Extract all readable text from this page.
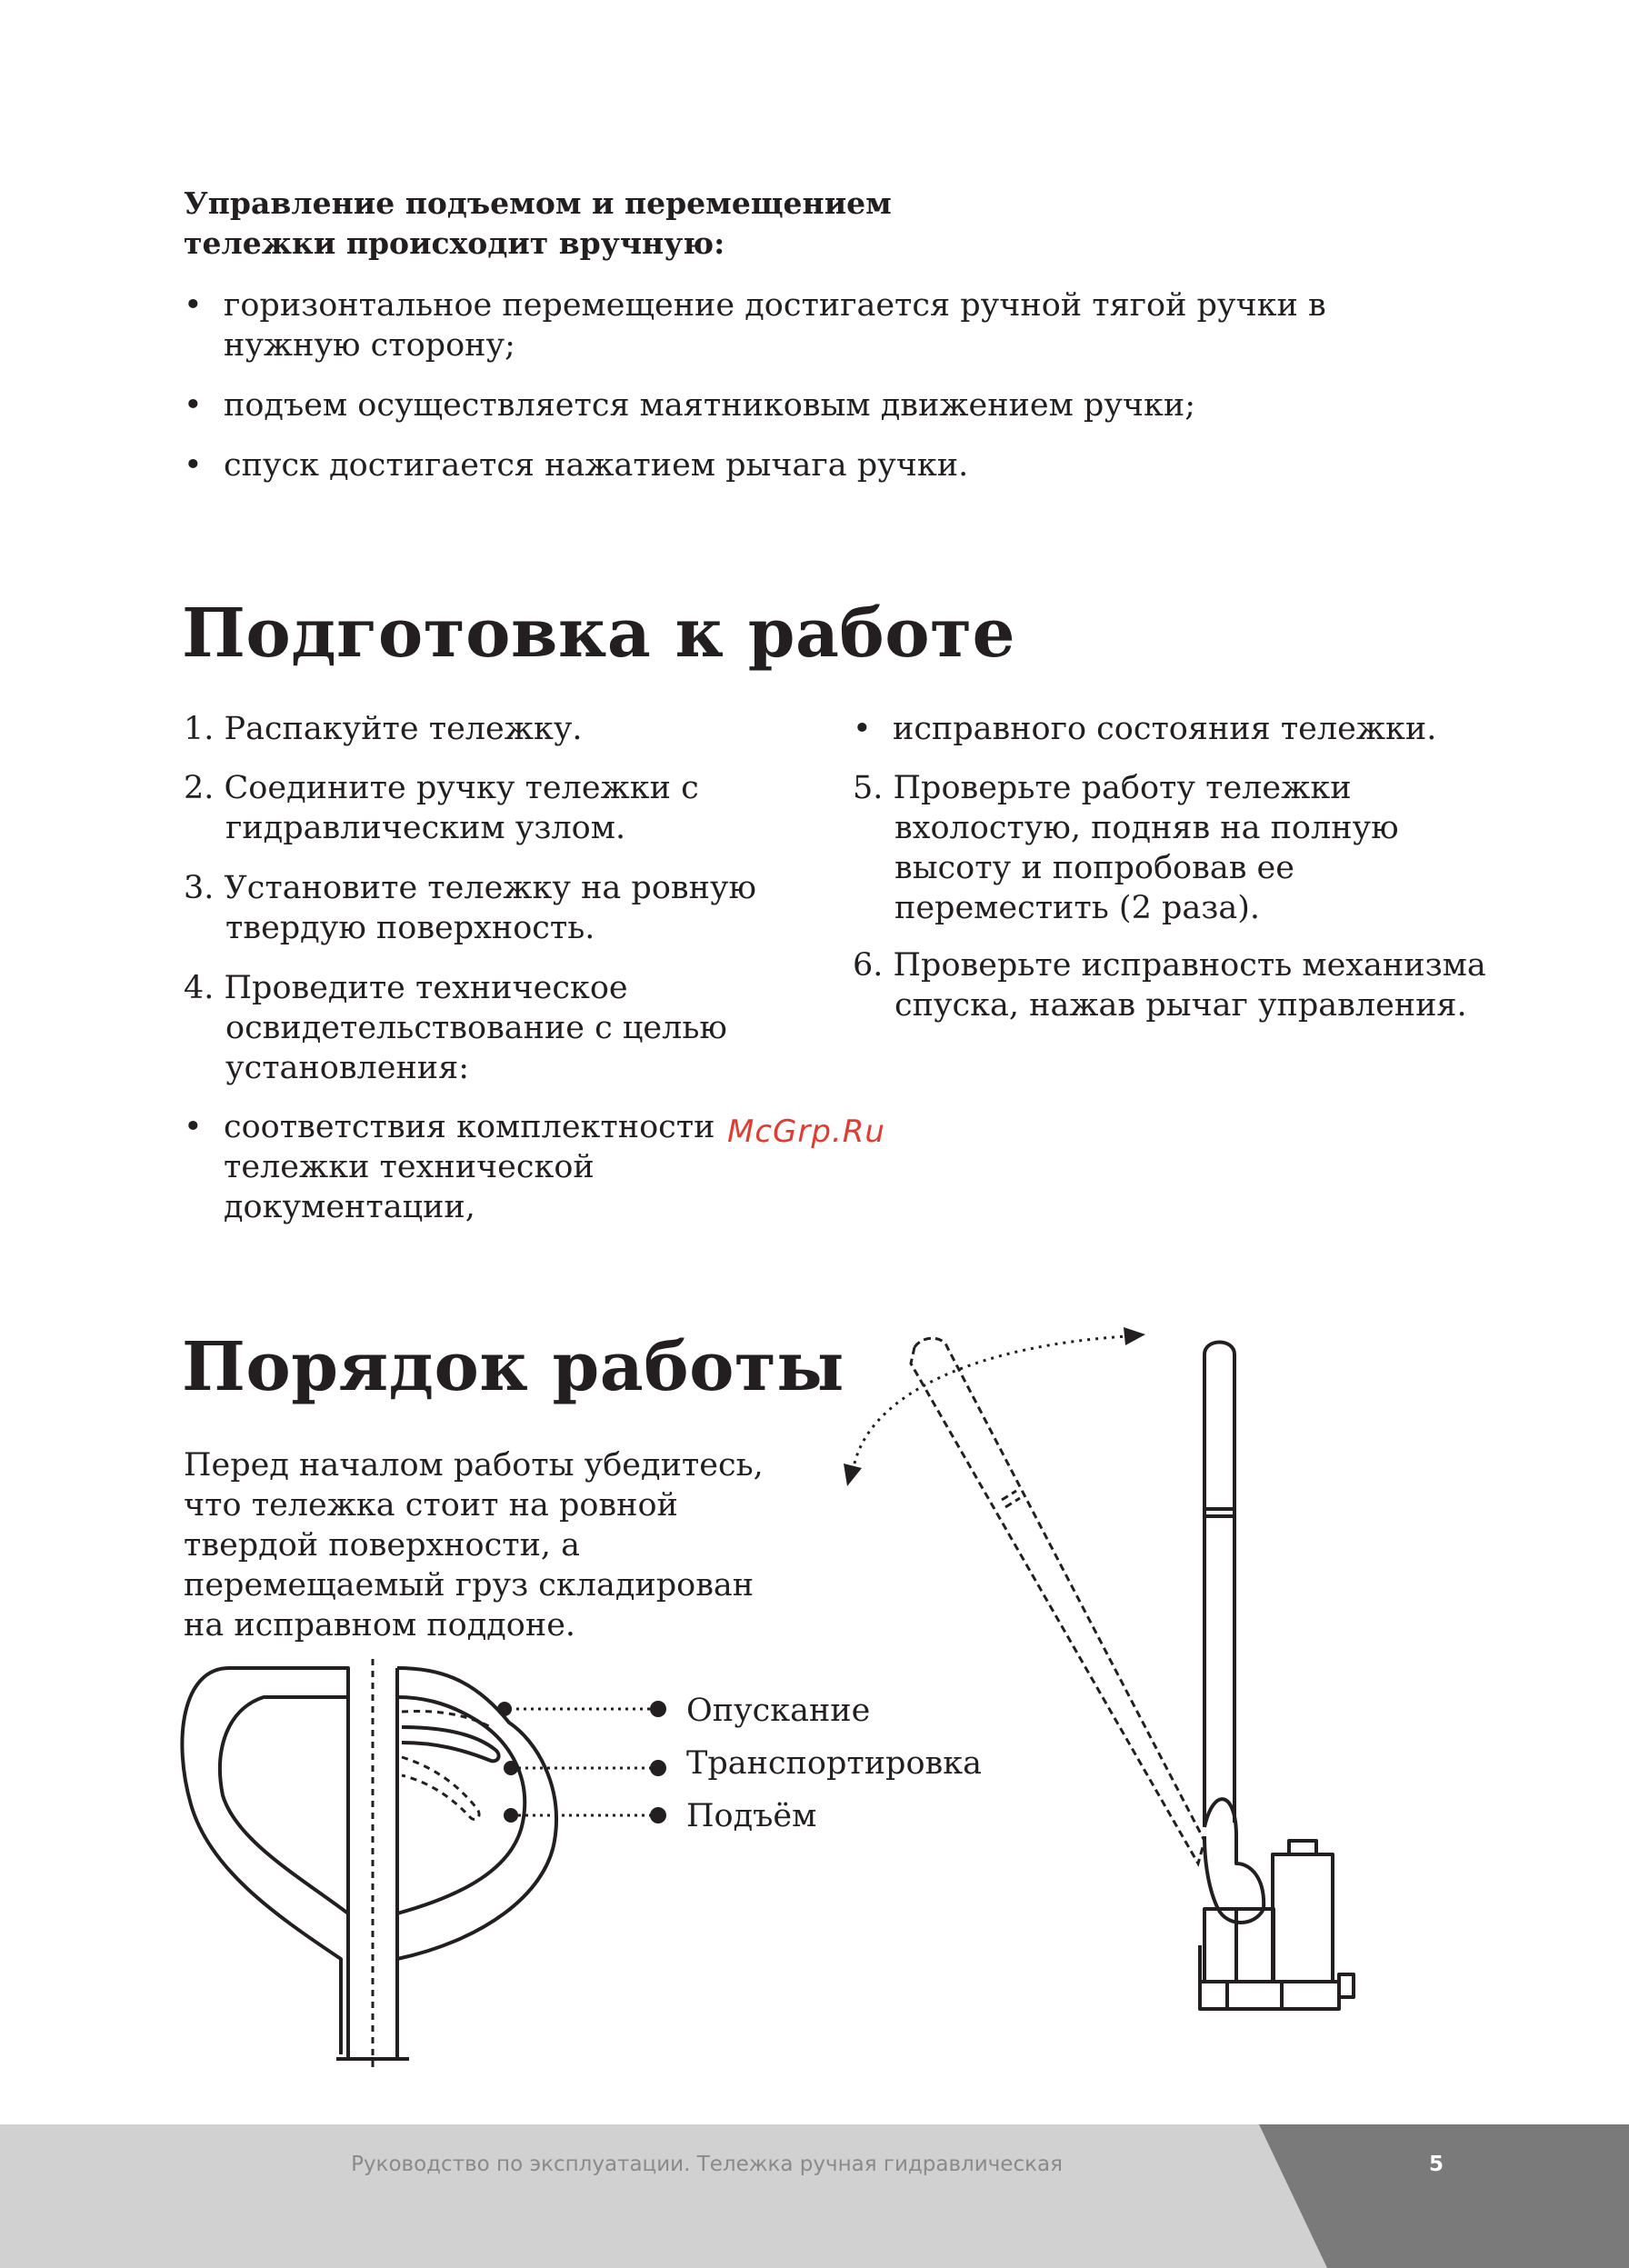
Управление подъемом и перемещением
тележки происходит вручную:
• горизонтальное перемещение достигается ручной тягой ручки в нужную сторону;
• подъем осуществляется маятниковым движением ручки;
• спуск достигается нажатием рычага ручки.
Подготовка к работе
1. Распакуйте тележку.
2. Соедините ручку тележки с гидравлическим узлом.
3. Установите тележку на ровную твердую поверхность.
4. Проведите техническое освидетельствование с целью установления:
• соответствия комплектности тележки технической документации,
• исправного состояния тележки.
5. Проверьте работу тележки вхолостую, подняв на полную высоту и попробовав ее переместить (2 раза).
6. Проверьте исправность механизма спуска, нажав рычаг управления.
McGrp.Ru
Порядок работы
Перед началом работы убедитесь, что тележка стоит на ровной твердой поверхности, а перемещаемый груз складирован на исправном поддоне.
Опускание
Транспортировка
Подъём
Руководство по эксплуатации. Тележка ручная гидравлическая	5
